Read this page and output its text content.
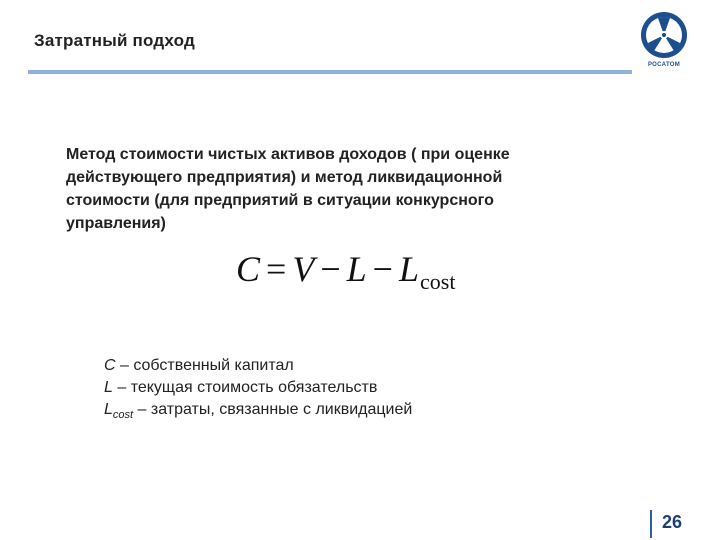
Затратный подход
РОСАТОМ
Метод стоимости чистых активов доходов ( при оценке
действующего предприятия) и метод ликвидационной
стоимости (для предприятий в ситуации конкурсного
управления)
$C = V - L - L_{cost}$
C – собственный капитал
L – текущая стоимость обязательств
$L_{cost}$ – затраты, связанные с ликвидацией
26
